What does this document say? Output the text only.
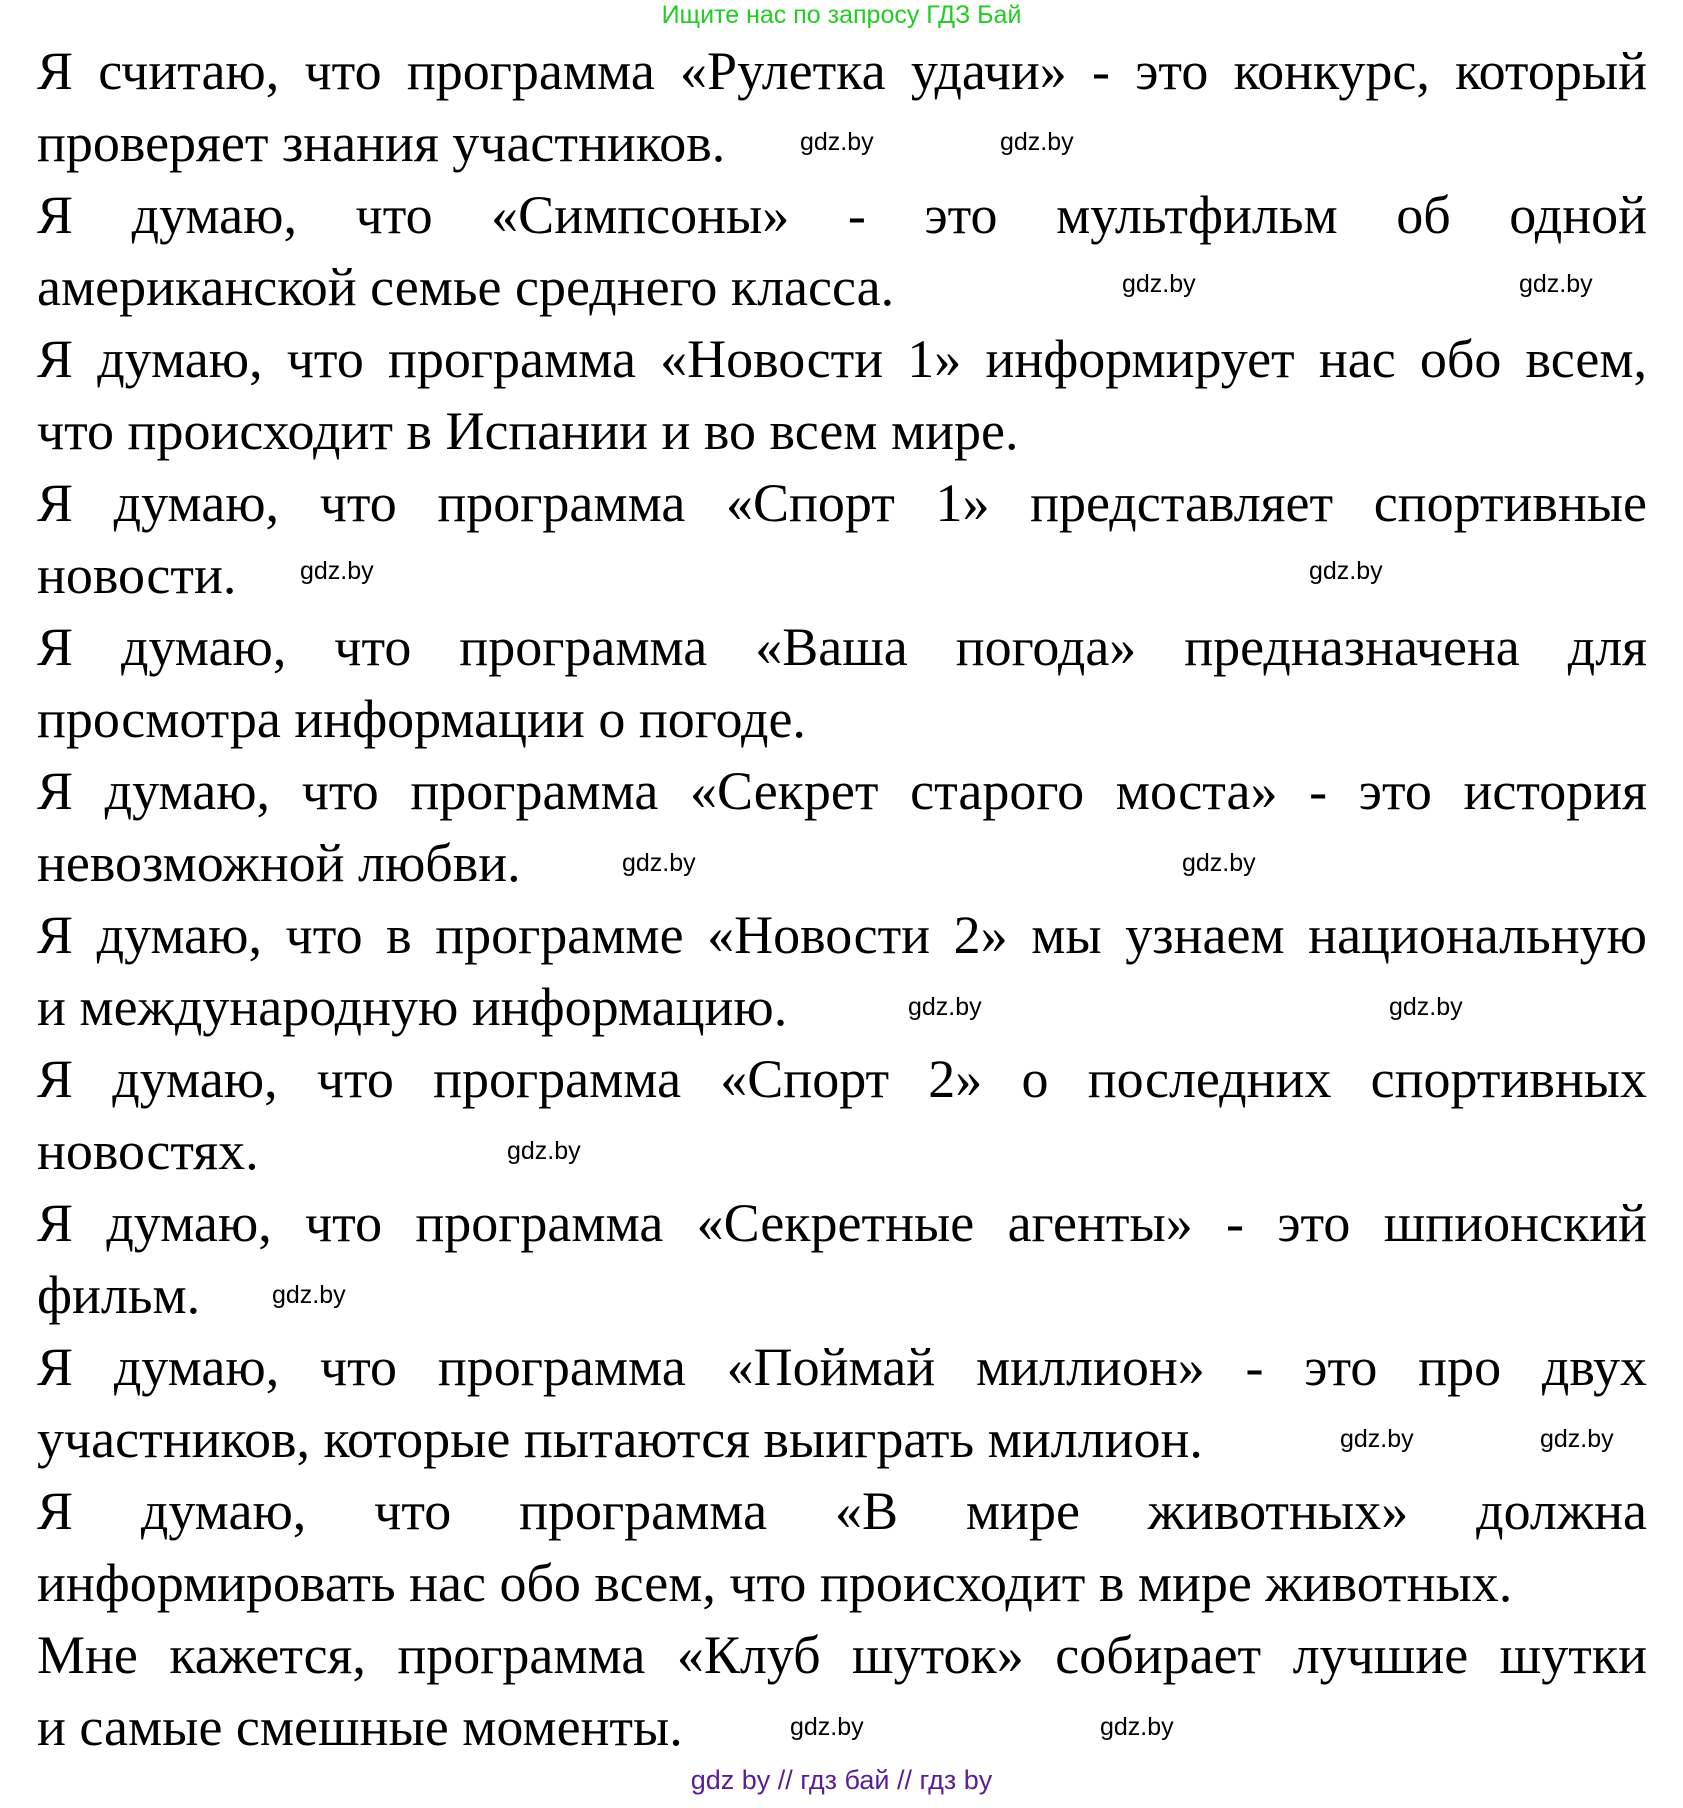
Ищите нас по запросу ГДЗ Бай
Я считаю, что программа «Рулетка удачи» - это конкурс, который
проверяет знания участников.
Я думаю, что «Симпсоны» - это мультфильм об одной
американской семье среднего класса.
Я думаю, что программа «Новости 1» информирует нас обо всем,
что происходит в Испании и во всем мире.
Я думаю, что программа «Спорт 1» представляет спортивные
новости.
Я думаю, что программа «Ваша погода» предназначена для
просмотра информации о погоде.
Я думаю, что программа «Секрет старого моста» - это история
невозможной любви.
Я думаю, что в программе «Новости 2» мы узнаем национальную
и международную информацию.
Я думаю, что программа «Спорт 2» о последних спортивных
новостях.
Я думаю, что программа «Секретные агенты» - это шпионский
фильм.
Я думаю, что программа «Поймай миллион» - это про двух
участников, которые пытаются выиграть миллион.
Я думаю, что программа «В мире животных» должна
информировать нас обо всем, что происходит в мире животных.
Мне кажется, программа «Клуб шуток» собирает лучшие шутки
и самые смешные моменты.
gdz.by	gdz.by
gdz.by	gdz.by
gdz.by	gdz.by
gdz.by	gdz.by
gdz.by	gdz.by
gdz.by
gdz.by
gdz.by	gdz.by
gdz.by	gdz.by
gdz by // гдз бай // гдз by
